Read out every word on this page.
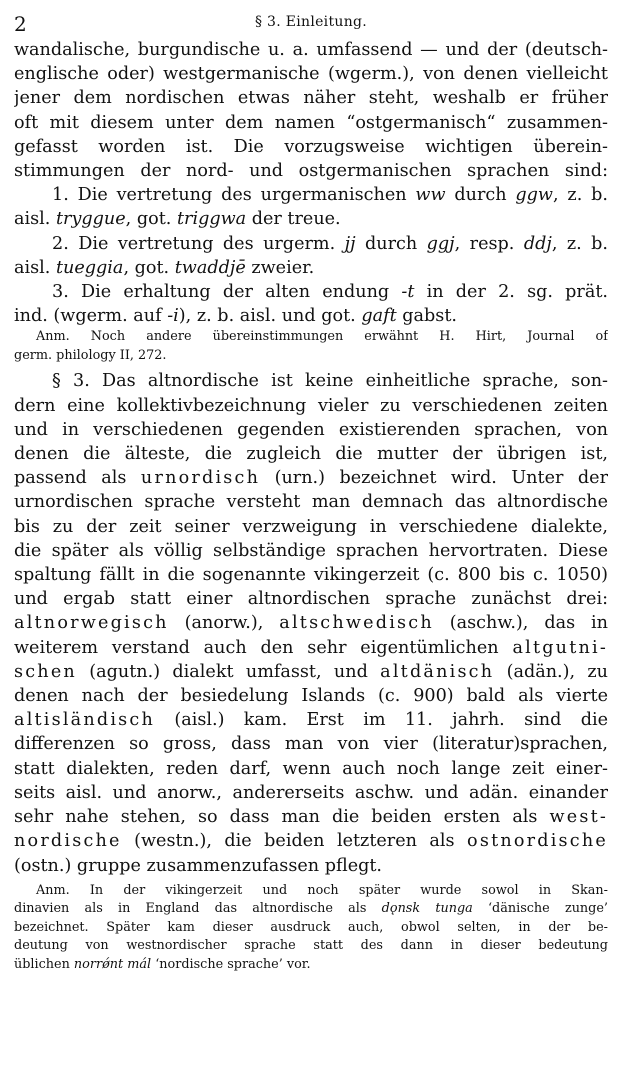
2	§ 3. Einleitung.
wandalische, burgundische u. a. umfassend — und der (deutsch-
englische oder) westgermanische (wgerm.), von denen vielleicht
jener dem nordischen etwas näher steht, weshalb er früher
oft mit diesem unter dem namen “ostgermanisch“ zusammen-
gefasst worden ist. Die vorzugsweise wichtigen überein-
stimmungen der nord- und ostgermanischen sprachen sind:
1. Die vertretung des urgermanischen ww durch ggw, z. b.
aisl. tryggue, got. triggwa der treue.
2. Die vertretung des urgerm. jj durch ggj, resp. ddj, z. b.
aisl. tueggia, got. twaddjē zweier.
3. Die erhaltung der alten endung -t in der 2. sg. prät.
ind. (wgerm. auf -i), z. b. aisl. und got. gaft gabst.
Anm. Noch andere übereinstimmungen erwähnt H. Hirt, Journal of
germ. philology II, 272.
§ 3. Das altnordische ist keine einheitliche sprache, son-
dern eine kollektivbezeichnung vieler zu verschiedenen zeiten
und in verschiedenen gegenden existierenden sprachen, von
denen die älteste, die zugleich die mutter der übrigen ist,
passend als urnordisch (urn.) bezeichnet wird. Unter der
urnordischen sprache versteht man demnach das altnordische
bis zu der zeit seiner verzweigung in verschiedene dialekte,
die später als völlig selbständige sprachen hervortraten. Diese
spaltung fällt in die sogenannte vikingerzeit (c. 800 bis c. 1050)
und ergab statt einer altnordischen sprache zunächst drei:
altnorwegisch (anorw.), altschwedisch (aschw.), das in
weiterem verstand auch den sehr eigentümlichen altgutni-
schen (agutn.) dialekt umfasst, und altdänisch (adän.), zu
denen nach der besiedelung Islands (c. 900) bald als vierte
altisländisch (aisl.) kam. Erst im 11. jahrh. sind die
differenzen so gross, dass man von vier (literatur)sprachen,
statt dialekten, reden darf, wenn auch noch lange zeit einer-
seits aisl. und anorw., andererseits aschw. und adän. einander
sehr nahe stehen, so dass man die beiden ersten als west-
nordische (westn.), die beiden letzteren als ostnordische
(ostn.) gruppe zusammenzufassen pflegt.
Anm. In der vikingerzeit und noch später wurde sowol in Skan-
dinavien als in England das altnordische als dǫnsk tunga ‘dänische zunge’
bezeichnet. Später kam dieser ausdruck auch, obwol selten, in der be-
deutung von westnordischer sprache statt des dann in dieser bedeutung
üblichen norrǿnt mál ‘nordische sprache’ vor.
